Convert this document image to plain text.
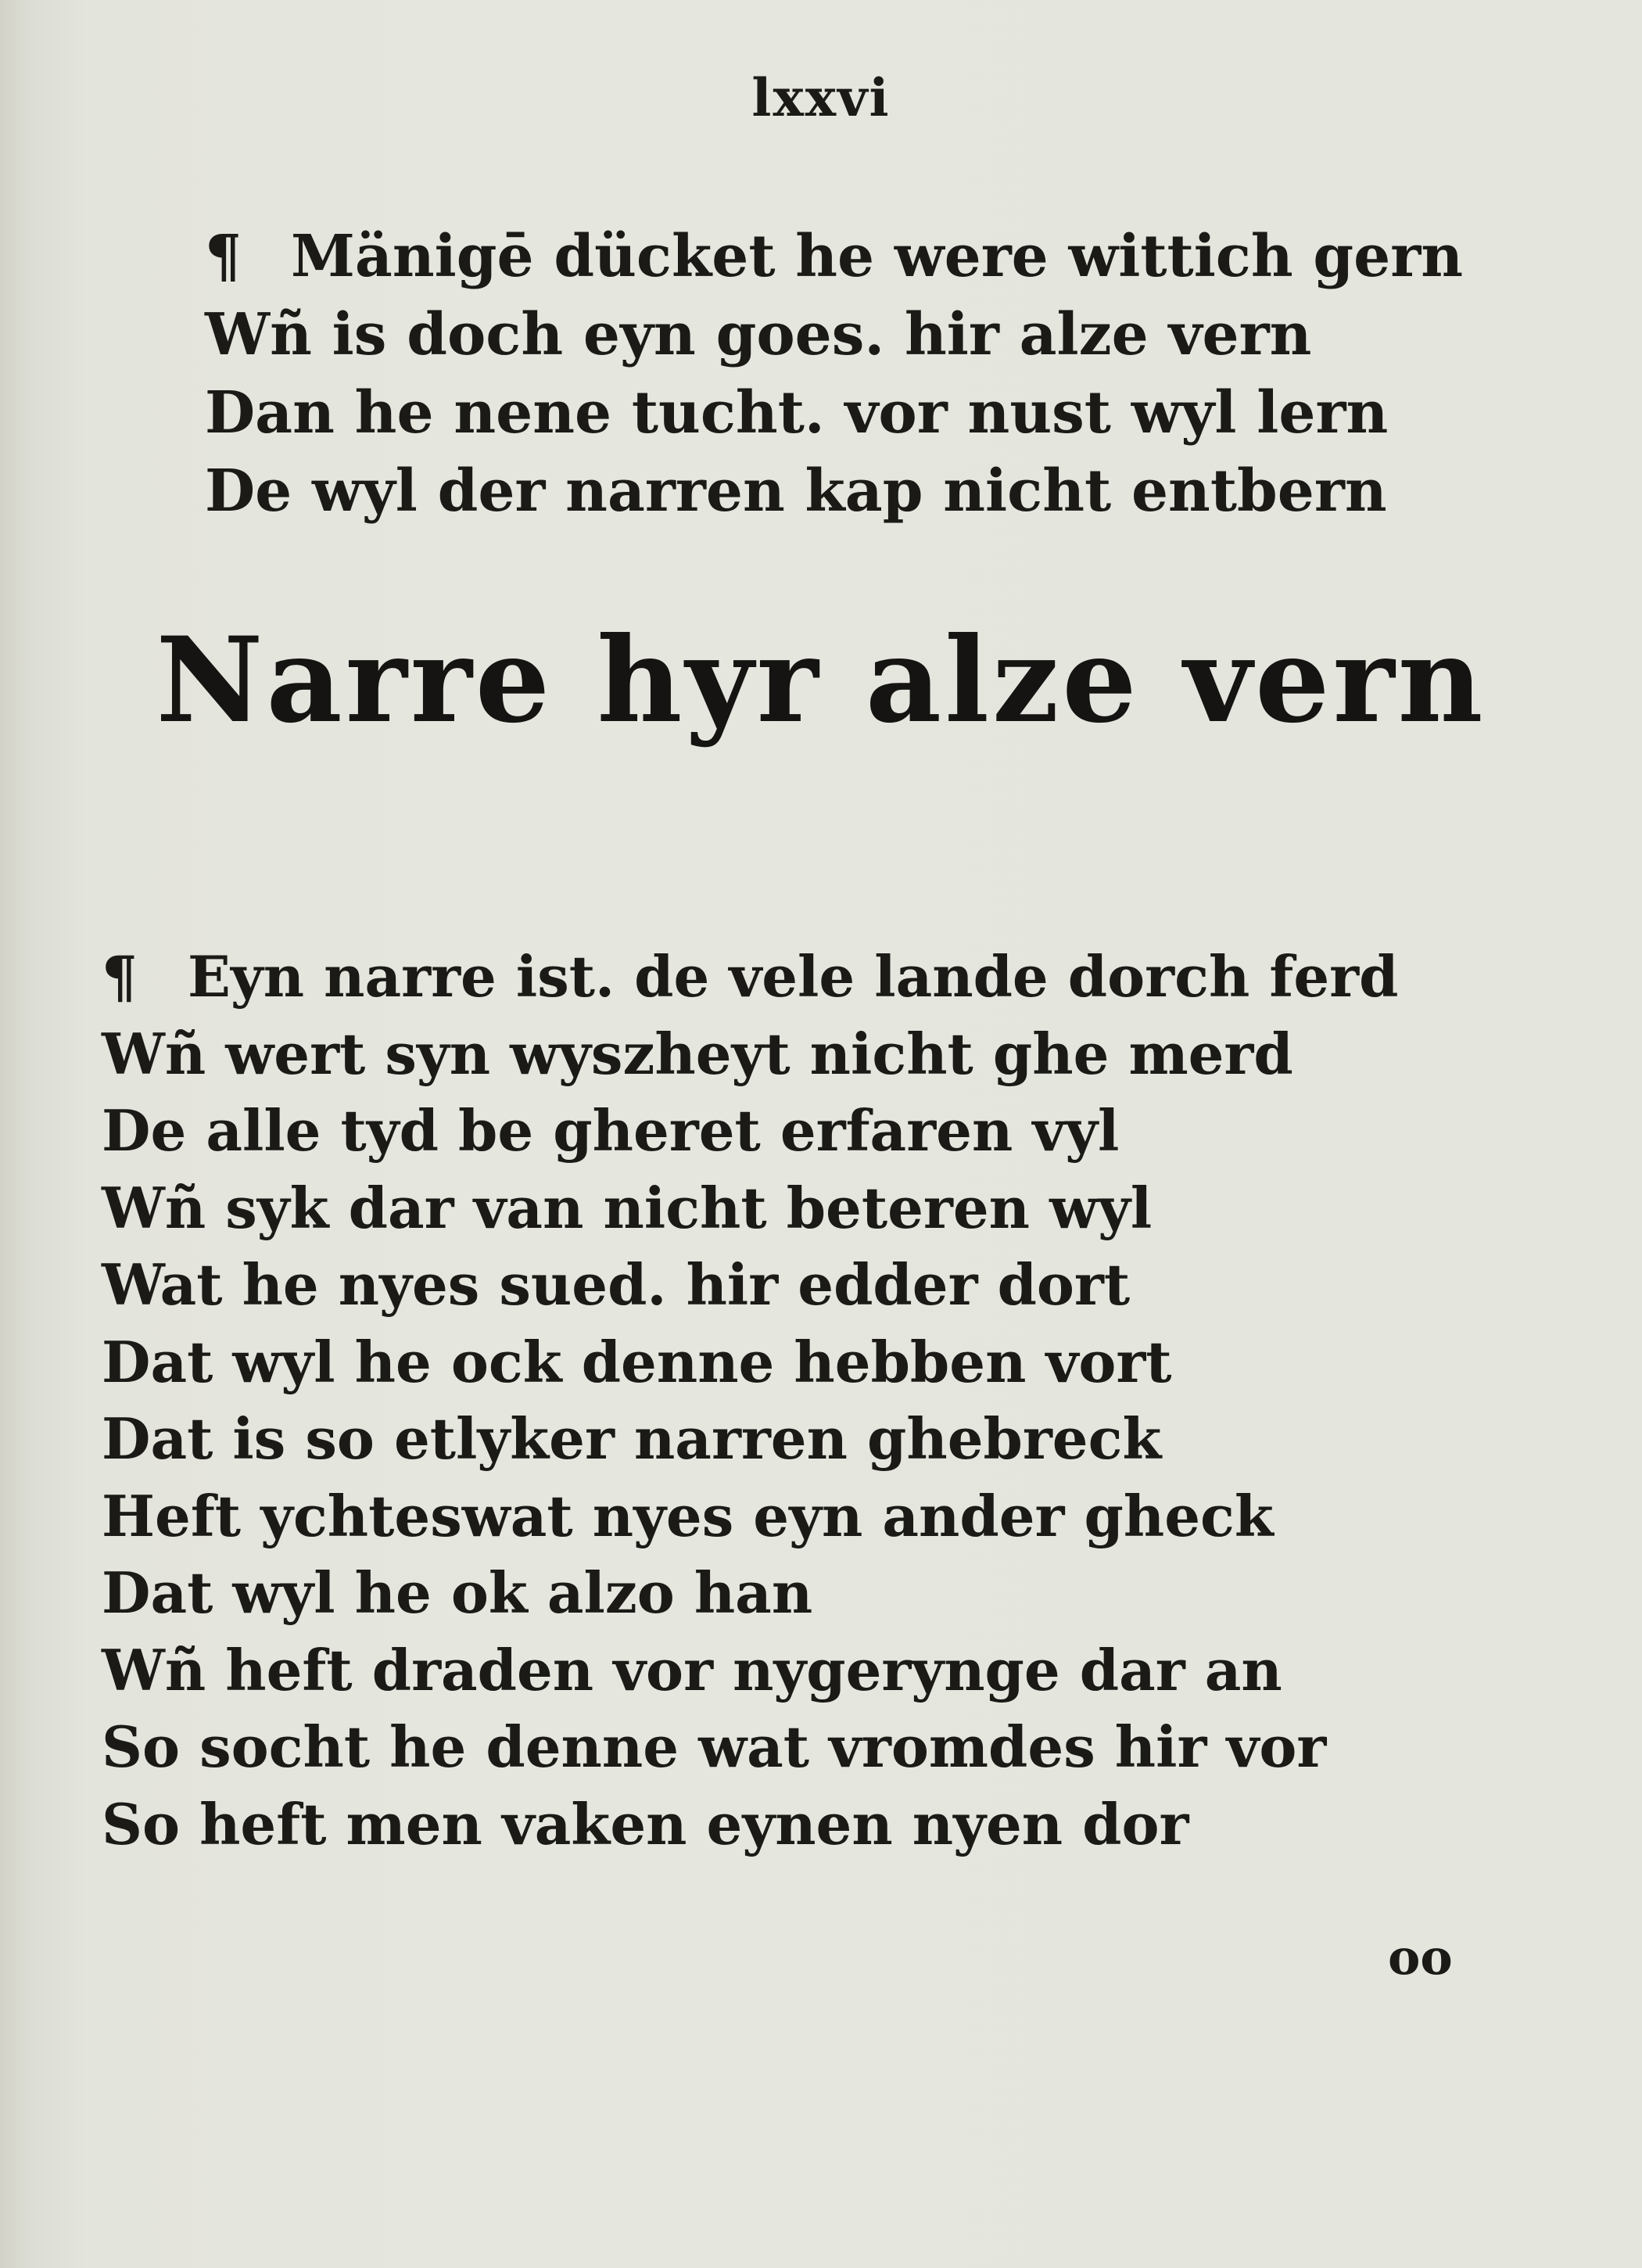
lxxvi
¶ Mänigē dücket he were wittich gern
Wñ is doch eyn goes. hir alze vern
Dan he nene tucht. vor nust wyl lern
De wyl der narren kap nicht entbern
Narre hyr alze vern
¶ Eyn narre ist. de vele lande dorch ferd
Wñ wert syn wyszheyt nicht ghe merd
De alle tyd be gheret erfaren vyl
Wñ syk dar van nicht beteren wyl
Wat he nyes sued. hir edder dort
Dat wyl he ock denne hebben vort
Dat is so etlyker narren ghebreck
Heft ychteswat nyes eyn ander gheck
Dat wyl he ok alzo han
Wñ heft draden vor nygerynge dar an
So socht he denne wat vromdes hir vor
So heft men vaken eynen nyen dor
oo
